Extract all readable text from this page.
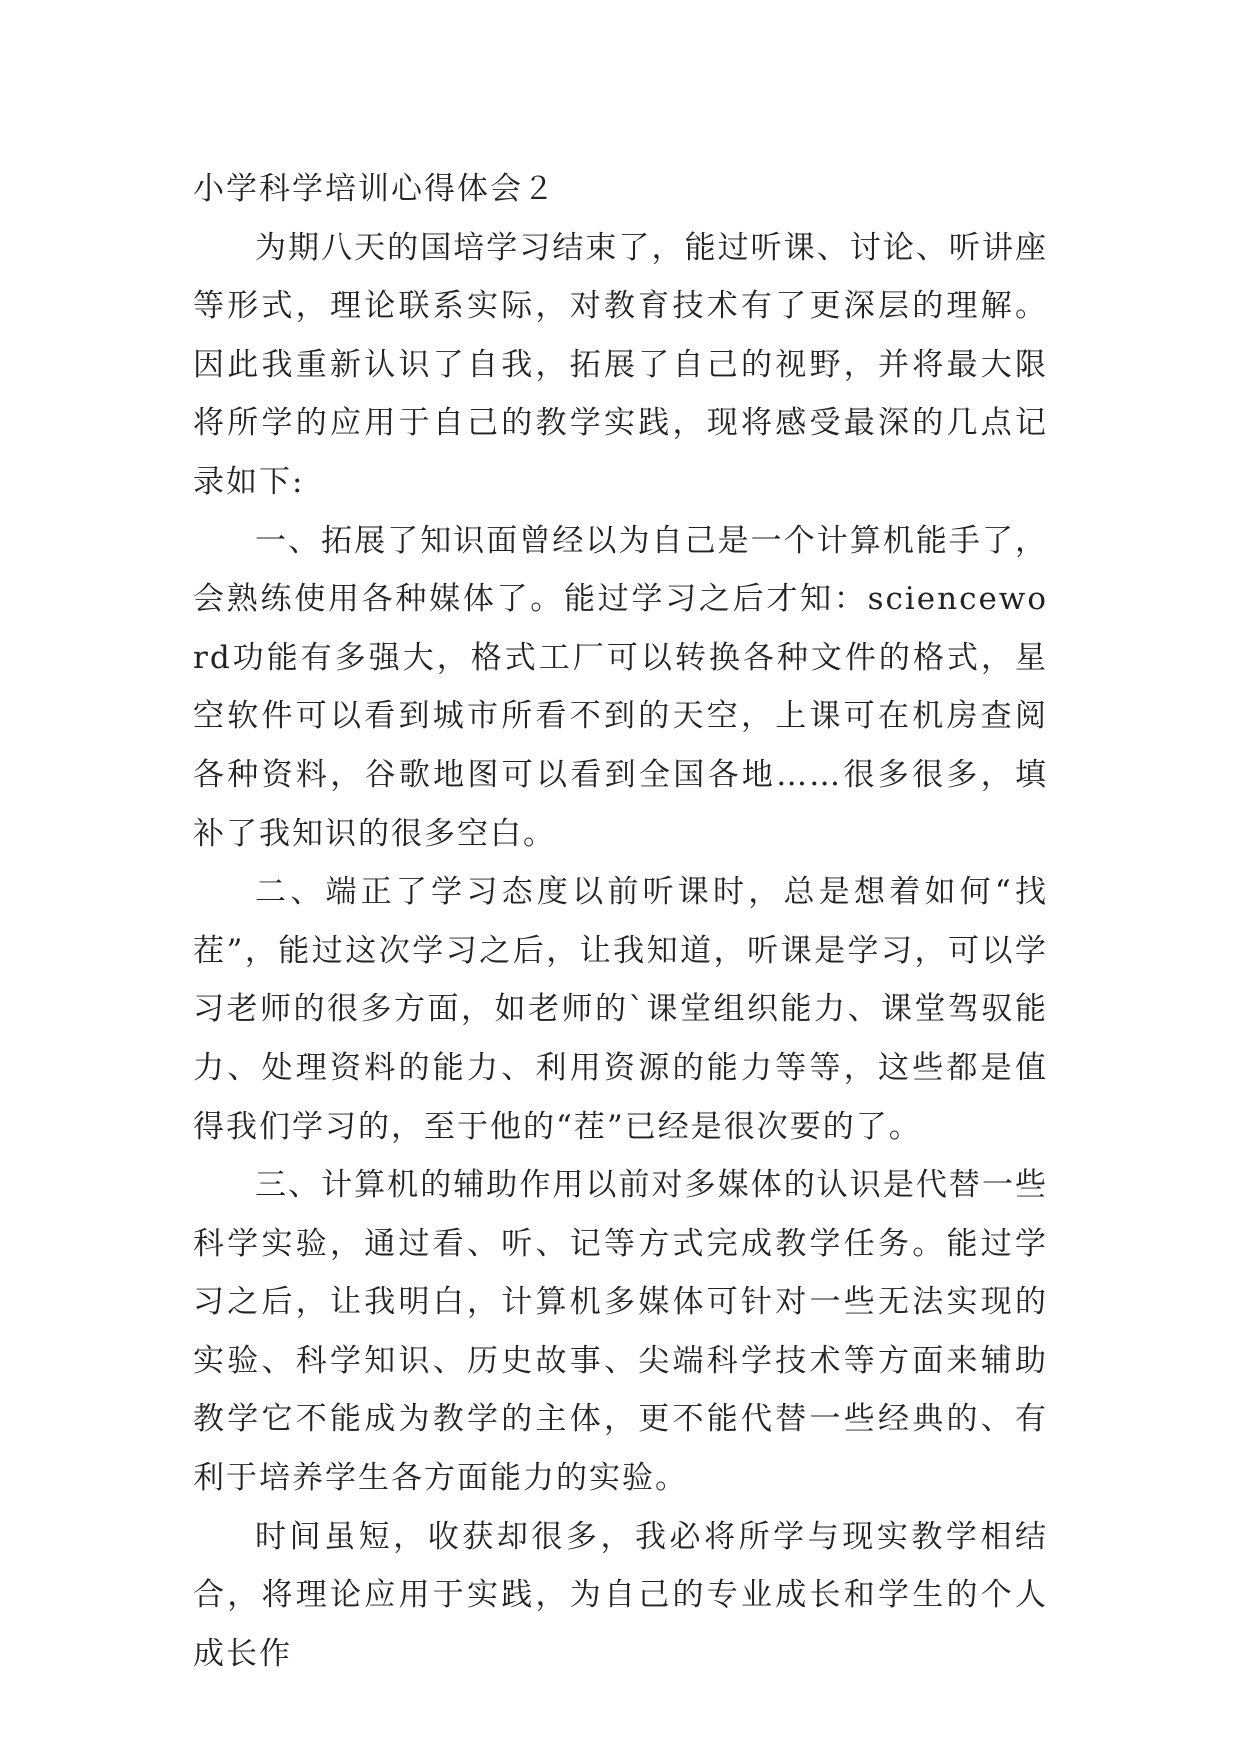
小学科学培训心得体会２

为期八天的国培学习结束了，能过听课、讨论、听讲座等形式，理论联系实际，对教育技术有了更深层的理解。因此我重新认识了自我，拓展了自己的视野，并将最大限将所学的应用于自己的教学实践，现将感受最深的几点记录如下:

一、拓展了知识面曾经以为自己是一个计算机能手了，会熟练使用各种媒体了。能过学习之后才知：scienceword功能有多强大，格式工厂可以转换各种文件的格式，星空软件可以看到城市所看不到的天空，上课可在机房查阅各种资料，谷歌地图可以看到全国各地……很多很多，填补了我知识的很多空白。

二、端正了学习态度以前听课时，总是想着如何“找茬”，能过这次学习之后，让我知道，听课是学习，可以学习老师的很多方面，如老师的`课堂组织能力、课堂驾驭能力、处理资料的能力、利用资源的能力等等，这些都是值得我们学习的，至于他的“茬”已经是很次要的了。

三、计算机的辅助作用以前对多媒体的认识是代替一些科学实验，通过看、听、记等方式完成教学任务。能过学习之后，让我明白，计算机多媒体可针对一些无法实现的实验、科学知识、历史故事、尖端科学技术等方面来辅助教学它不能成为教学的主体，更不能代替一些经典的、有利于培养学生各方面能力的实验。

时间虽短，收获却很多，我必将所学与现实教学相结合，将理论应用于实践，为自己的专业成长和学生的个人成长作
